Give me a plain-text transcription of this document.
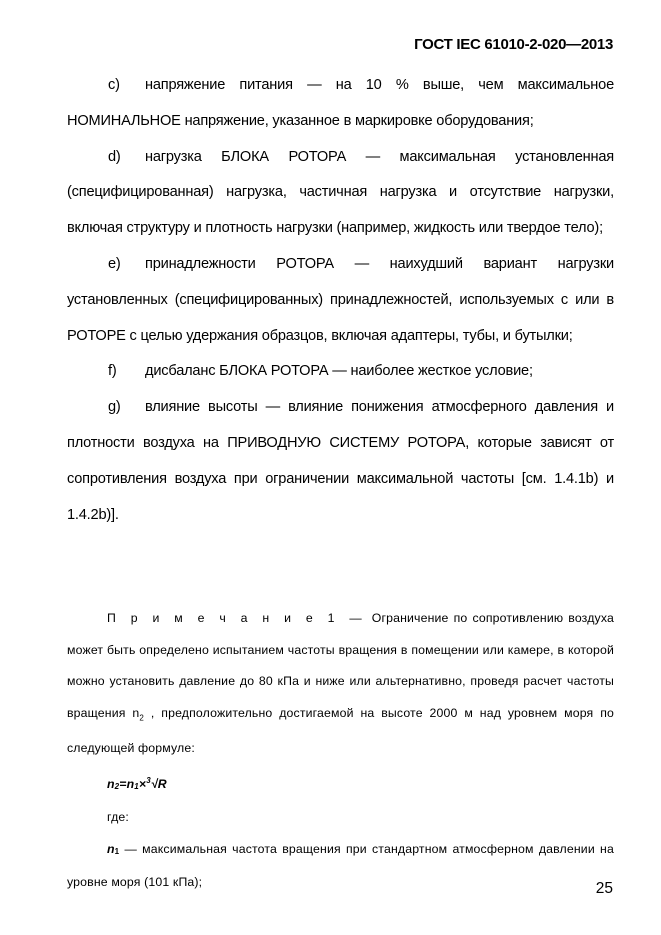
ГОСТ IEC 61010-2-020—2013

c) напряжение питания — на 10 % выше, чем максимальное НОМИНАЛЬНОЕ напряжение, указанное в маркировке оборудования;

d) нагрузка БЛОКА РОТОРА — максимальная установленная (специфицированная) нагрузка, частичная нагрузка и отсутствие нагрузки, включая структуру и плотность нагрузки (например, жидкость или твердое тело);

e) принадлежности РОТОРА — наихудший вариант нагрузки установленных (специфицированных) принадлежностей, используемых с или в РОТОРЕ с целью удержания образцов, включая адаптеры, тубы, и бутылки;

f) дисбаланс БЛОКА РОТОРА — наиболее жесткое условие;

g) влияние высоты — влияние понижения атмосферного давления и плотности воздуха на ПРИВОДНУЮ СИСТЕМУ РОТОРА, которые зависят от сопротивления воздуха при ограничении максимальной частоты [см. 1.4.1b) и 1.4.2b)].

П р и м е ч а н и е 1 — Ограничение по сопротивлению воздуха может быть определено испытанием частоты вращения в помещении или камере, в которой можно установить давление до 80 кПа и ниже или альтернативно, проведя расчет частоты вращения $n_2$ , предположительно достигаемой на высоте 2000 м над уровнем моря по следующей формуле:

$n_2=n_1\times^3√R$

где:

$n_1$ — максимальная частота вращения при стандартном атмосферном давлении на уровне моря (101 кПа);	25
